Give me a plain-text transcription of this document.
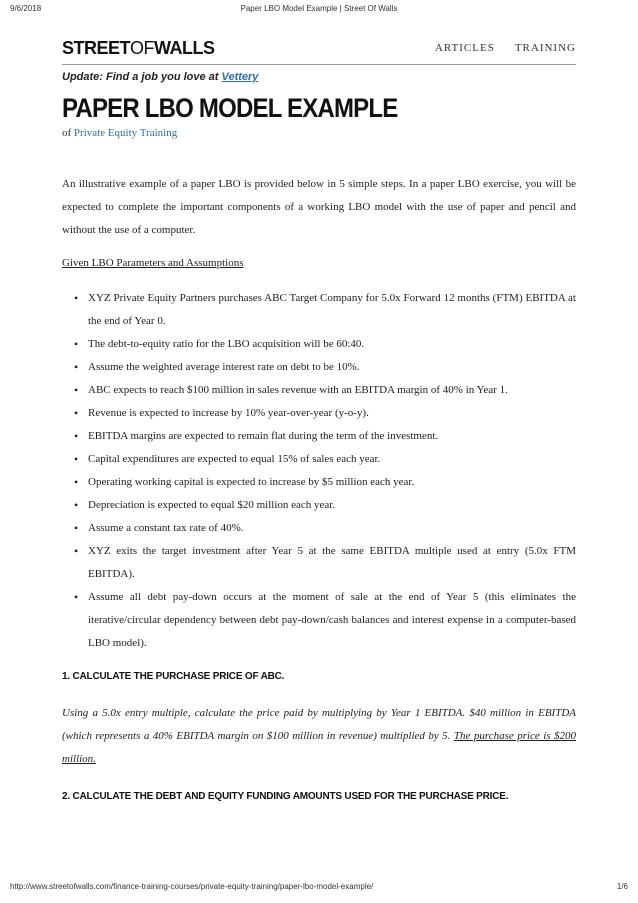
9/6/2018	Paper LBO Model Example | Street Of Walls
STREETOFWALLS	ARTICLES TRAINING
Update: Find a job you love at Vettery
PAPER LBO MODEL EXAMPLE
of Private Equity Training

An illustrative example of a paper LBO is provided below in 5 simple steps. In a paper LBO exercise, you will be expected to complete the important components of a working LBO model with the use of paper and pencil and without the use of a computer.

Given LBO Parameters and Assumptions

• XYZ Private Equity Partners purchases ABC Target Company for 5.0x Forward 12 months (FTM) EBITDA at the end of Year 0.
• The debt-to-equity ratio for the LBO acquisition will be 60:40.
• Assume the weighted average interest rate on debt to be 10%.
• ABC expects to reach $100 million in sales revenue with an EBITDA margin of 40% in Year 1.
• Revenue is expected to increase by 10% year-over-year (y-o-y).
• EBITDA margins are expected to remain flat during the term of the investment.
• Capital expenditures are expected to equal 15% of sales each year.
• Operating working capital is expected to increase by $5 million each year.
• Depreciation is expected to equal $20 million each year.
• Assume a constant tax rate of 40%.
• XYZ exits the target investment after Year 5 at the same EBITDA multiple used at entry (5.0x FTM EBITDA).
• Assume all debt pay-down occurs at the moment of sale at the end of Year 5 (this eliminates the iterative/circular dependency between debt pay-down/cash balances and interest expense in a computer-based LBO model).

1. CALCULATE THE PURCHASE PRICE OF ABC.

Using a 5.0x entry multiple, calculate the price paid by multiplying by Year 1 EBITDA. $40 million in EBITDA (which represents a 40% EBITDA margin on $100 million in revenue) multiplied by 5. The purchase price is $200 million.

2. CALCULATE THE DEBT AND EQUITY FUNDING AMOUNTS USED FOR THE PURCHASE PRICE.

http://www.streetofwalls.com/finance-training-courses/private-equity-training/paper-lbo-model-example/	1/6
